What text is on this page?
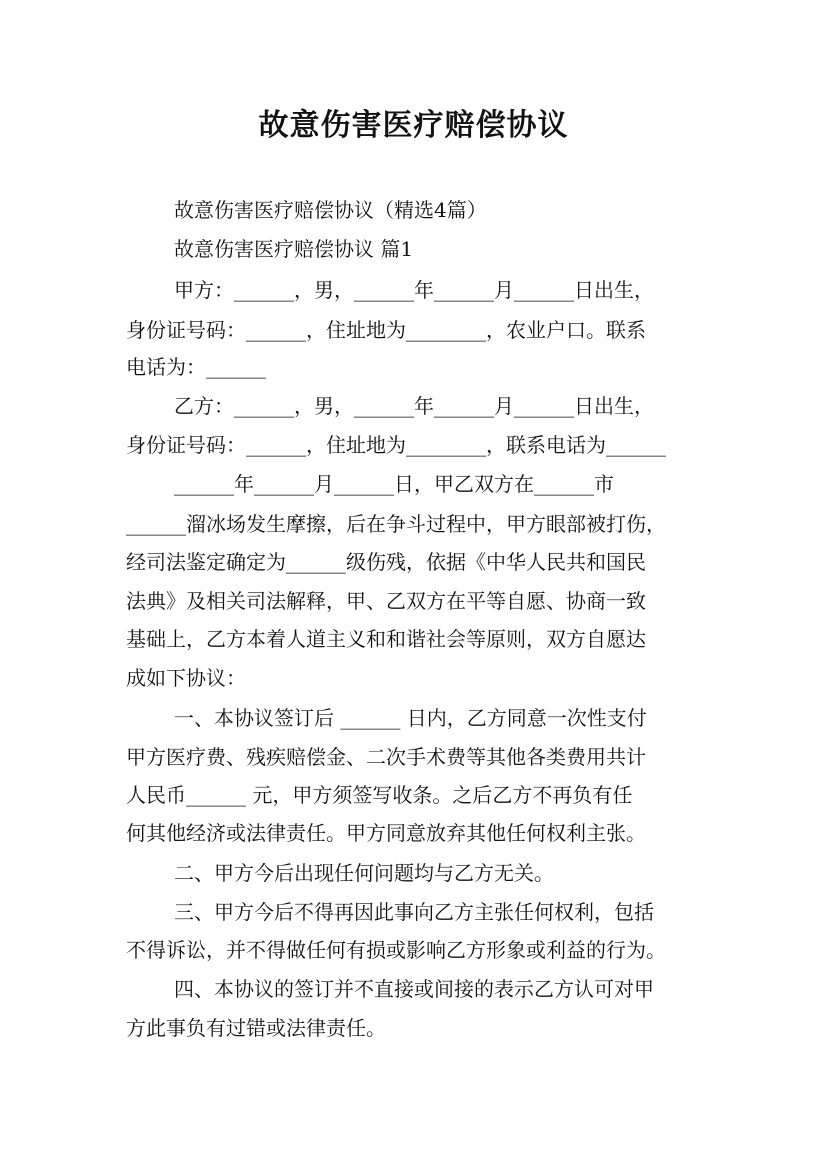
故意伤害医疗赔偿协议
故意伤害医疗赔偿协议（精选4篇）
故意伤害医疗赔偿协议 篇1
甲方：______，男，______年______月______日出生，
身份证号码：______，住址地为________，农业户口。联系
电话为：______
乙方：______，男，______年______月______日出生，
身份证号码：______，住址地为________，联系电话为______
______年______月______日，甲乙双方在______市
______溜冰场发生摩擦，后在争斗过程中，甲方眼部被打伤，
经司法鉴定确定为______级伤残，依据《中华人民共和国民
法典》及相关司法解释，甲、乙双方在平等自愿、协商一致
基础上，乙方本着人道主义和和谐社会等原则，双方自愿达
成如下协议：
一、本协议签订后 ______ 日内，乙方同意一次性支付
甲方医疗费、残疾赔偿金、二次手术费等其他各类费用共计
人民币______ 元，甲方须签写收条。之后乙方不再负有任
何其他经济或法律责任。甲方同意放弃其他任何权利主张。
二、甲方今后出现任何问题均与乙方无关。
三、甲方今后不得再因此事向乙方主张任何权利，包括
不得诉讼，并不得做任何有损或影响乙方形象或利益的行为。
四、本协议的签订并不直接或间接的表示乙方认可对甲
方此事负有过错或法律责任。
